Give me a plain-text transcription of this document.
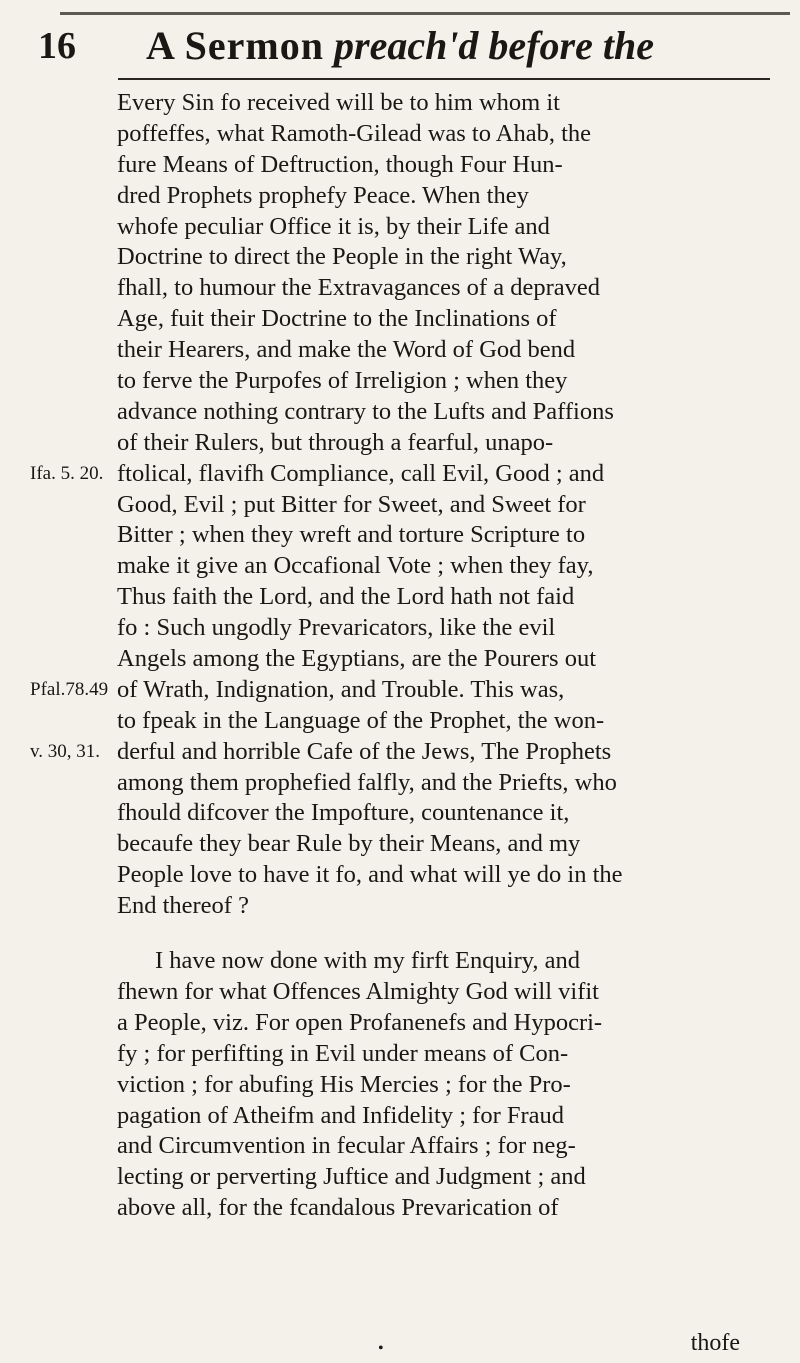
16 A Sermon preach'd before the
Every Sin fo received will be to him whom it
poffeffes, what Ramoth-Gilead was to Ahab, the
fure Means of Deftruction, though Four Hun-
dred Prophets prophefy Peace. When they
whofe peculiar Office it is, by their Life and
Doctrine to direct the People in the right Way,
fhall, to humour the Extravagances of a depraved
Age, fuit their Doctrine to the Inclinations of
their Hearers, and make the Word of God bend
to ferve the Purpofes of Irreligion ; when they
advance nothing contrary to the Lufts and Paffions
of their Rulers, but through a fearful, unapo-
ftolical, flavifh Compliance, call Evil, Good ; and
Good, Evil ; put Bitter for Sweet, and Sweet for
Bitter ; when they wreft and torture Scripture to
make it give an Occafional Vote ; when they fay,
Thus faith the Lord, and the Lord hath not faid
fo : Such ungodly Prevaricators, like the evil
Angels among the Egyptians, are the Pourers out
of Wrath, Indignation, and Trouble. This was,
to fpeak in the Language of the Prophet, the won-
derful and horrible Cafe of the Jews, The Prophets
among them prophefied falfly, and the Priefts, who
fhould difcover the Impofture, countenance it,
becaufe they bear Rule by their Means, and my
People love to have it fo, and what will ye do in the
End thereof ?
I have now done with my firft Enquiry, and
fhewn for what Offences Almighty God will vifit
a People, viz. For open Profanenefs and Hypocri-
fy ; for perfifting in Evil under means of Con-
viction ; for abufing His Mercies ; for the Pro-
pagation of Atheifm and Infidelity ; for Fraud
and Circumvention in fecular Affairs ; for neg-
lecting or perverting Juftice and Judgment ; and
above all, for the fcandalous Prevarication of
Ifa. 5. 20.
Pfal.78.49
v. 30, 31.
thofe
•
